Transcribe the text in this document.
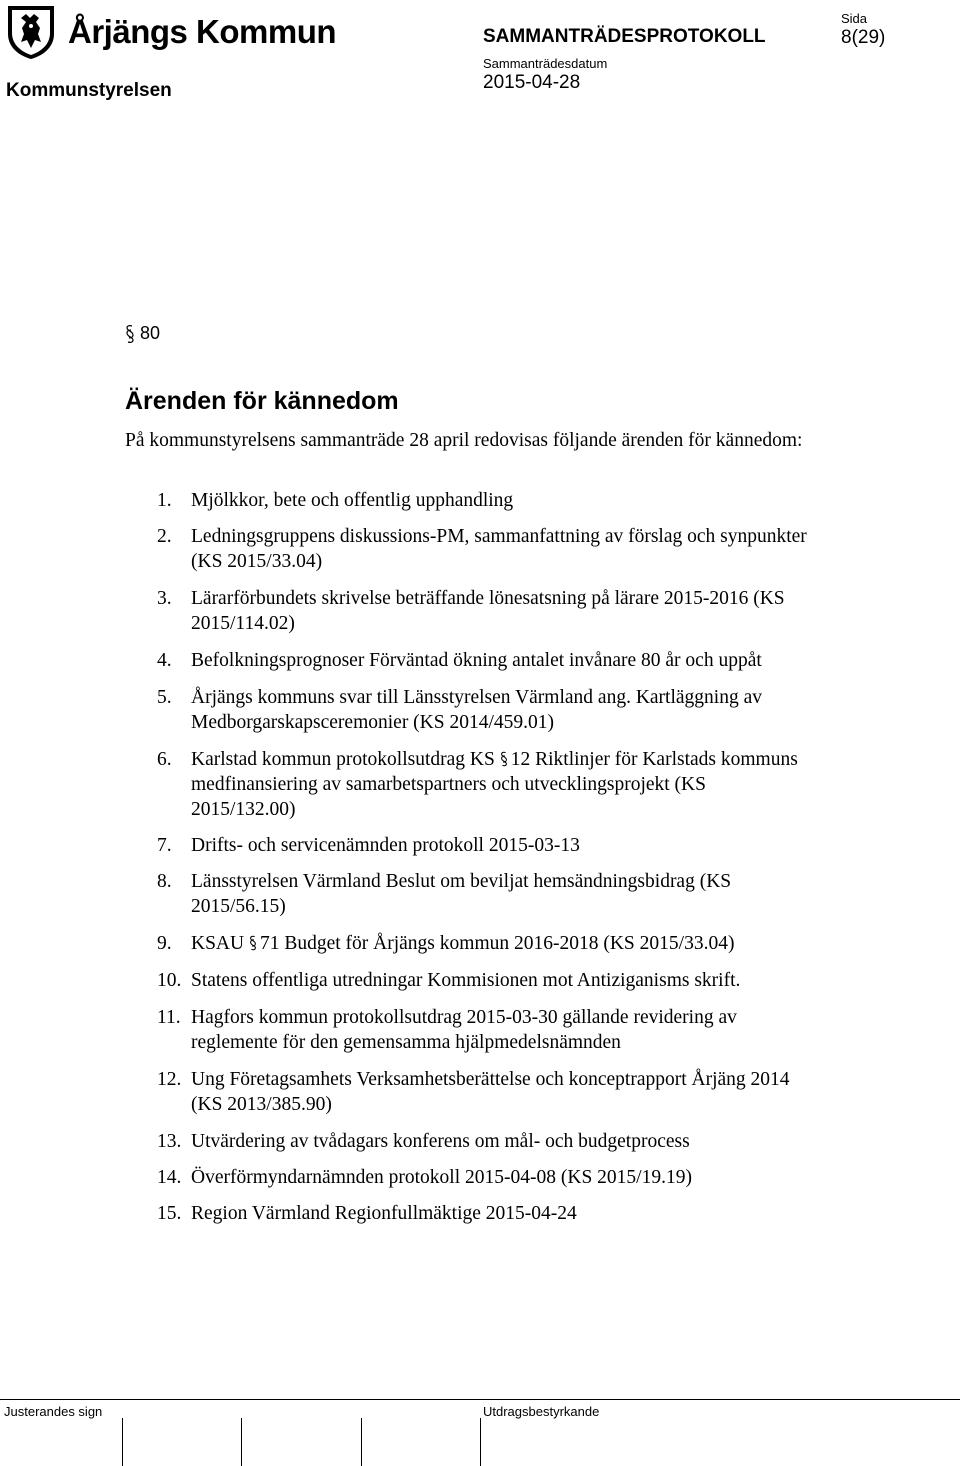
Årjängs Kommun
Kommunstyrelsen
SAMMANTRÄDESPROTOKOLL
Sammanträdesdatum
2015-04-28
Sida
8(29)
80
Ärenden för kännedom
På kommunstyrelsens sammanträde 28 april redovisas följande ärenden för kännedom:
1. Mjölkkor, bete och offentlig upphandling
2. Ledningsgruppens diskussions-PM, sammanfattning av förslag och synpunkter (KS 2015/33.04)
3. Lärarförbundets skrivelse beträffande lönesatsning på lärare 2015-2016 (KS 2015/114.02)
4. Befolkningsprognoser Förväntad ökning antalet invånare 80 år och uppåt
5. Årjängs kommuns svar till Länsstyrelsen Värmland ang. Kartläggning av Medborgarskapsceremonier (KS 2014/459.01)
6. Karlstad kommun protokollsutdrag KS 12 Riktlinjer för Karlstads kommuns medfinansiering av samarbetspartners och utvecklingsprojekt (KS 2015/132.00)
7. Drifts- och servicenämnden protokoll 2015-03-13
8. Länsstyrelsen Värmland Beslut om beviljat hemsändningsbidrag (KS 2015/56.15)
9. KSAU 71 Budget för Årjängs kommun 2016-2018 (KS 2015/33.04)
10. Statens offentliga utredningar Kommisionen mot Antiziganisms skrift.
11. Hagfors kommun protokollsutdrag 2015-03-30 gällande revidering av reglemente för den gemensamma hjälpmedelsnämnden
12. Ung Företagsamhets Verksamhetsberättelse och konceptrapport Årjäng 2014 (KS 2013/385.90)
13. Utvärdering av tvådagars konferens om mål- och budgetprocess
14. Överförmyndarnämnden protokoll 2015-04-08 (KS 2015/19.19)
15. Region Värmland Regionfullmäktige 2015-04-24
Justerandes sign	Utdragsbestyrkande
